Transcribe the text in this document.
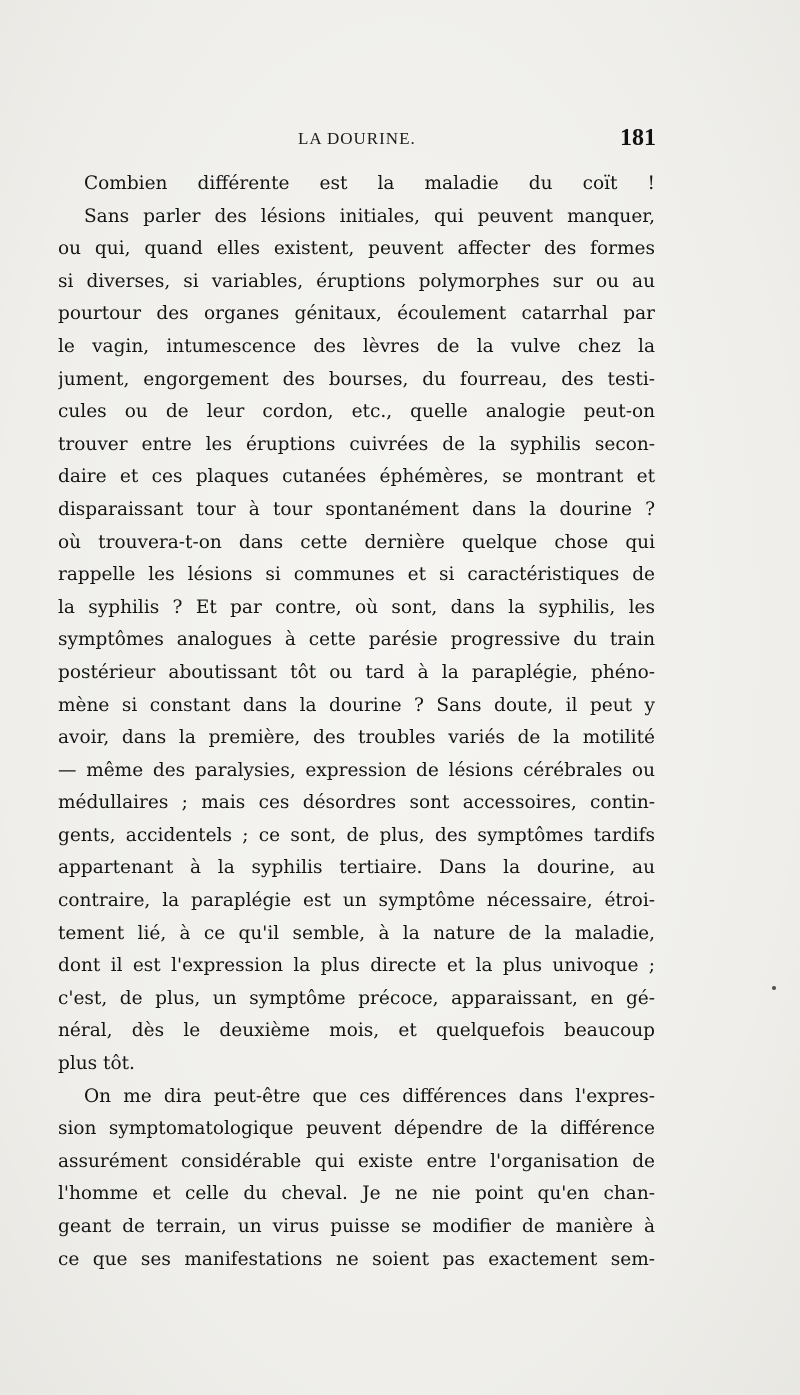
LA DOURINE.	181
Combien différente est la maladie du coït !
Sans parler des lésions initiales, qui peuvent manquer,
ou qui, quand elles existent, peuvent affecter des formes
si diverses, si variables, éruptions polymorphes sur ou au
pourtour des organes génitaux, écoulement catarrhal par
le vagin, intumescence des lèvres de la vulve chez la
jument, engorgement des bourses, du fourreau, des testi-
cules ou de leur cordon, etc., quelle analogie peut-on
trouver entre les éruptions cuivrées de la syphilis secon-
daire et ces plaques cutanées éphémères, se montrant et
disparaissant tour à tour spontanément dans la dourine ?
où trouvera-t-on dans cette dernière quelque chose qui
rappelle les lésions si communes et si caractéristiques de
la syphilis ? Et par contre, où sont, dans la syphilis, les
symptômes analogues à cette parésie progressive du train
postérieur aboutissant tôt ou tard à la paraplégie, phéno-
mène si constant dans la dourine ? Sans doute, il peut y
avoir, dans la première, des troubles variés de la motilité
— même des paralysies, expression de lésions cérébrales ou
médullaires ; mais ces désordres sont accessoires, contin-
gents, accidentels ; ce sont, de plus, des symptômes tardifs
appartenant à la syphilis tertiaire. Dans la dourine, au
contraire, la paraplégie est un symptôme nécessaire, étroi-
tement lié, à ce qu'il semble, à la nature de la maladie,
dont il est l'expression la plus directe et la plus univoque ;
c'est, de plus, un symptôme précoce, apparaissant, en gé-
néral, dès le deuxième mois, et quelquefois beaucoup
plus tôt.
On me dira peut-être que ces différences dans l'expres-
sion symptomatologique peuvent dépendre de la différence
assurément considérable qui existe entre l'organisation de
l'homme et celle du cheval. Je ne nie point qu'en chan-
geant de terrain, un virus puisse se modifier de manière à
ce que ses manifestations ne soient pas exactement sem-
